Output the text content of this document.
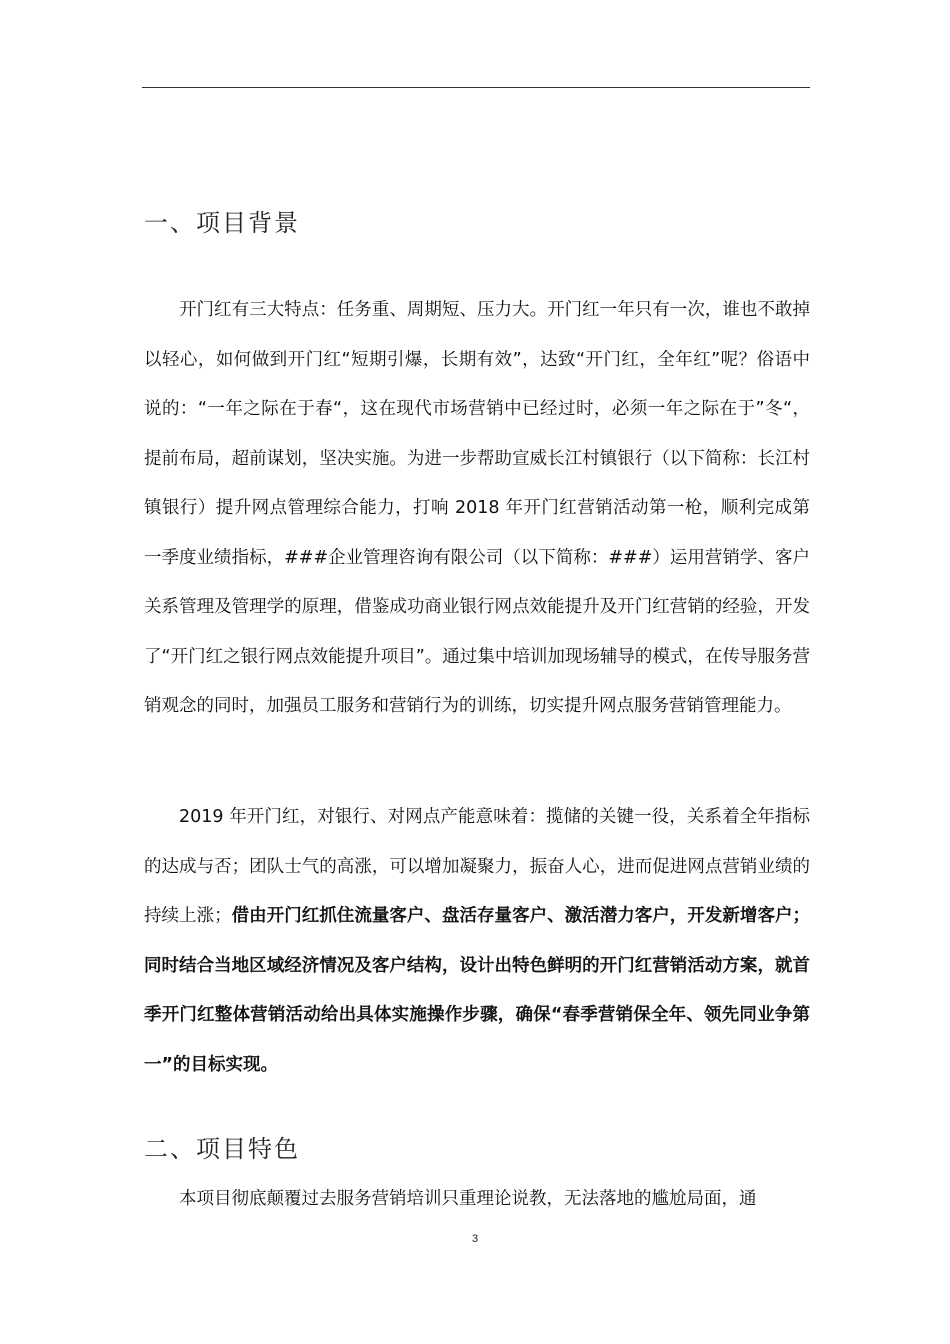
一、项目背景

开门红有三大特点：任务重、周期短、压力大。开门红一年只有一次，谁也不敢掉以轻心，如何做到开门红“短期引爆，长期有效”，达致“开门红，全年红”呢？俗语中说的：“一年之际在于春“，这在现代市场营销中已经过时，必须一年之际在于”冬“，提前布局，超前谋划，坚决实施。为进一步帮助宣威长江村镇银行（以下简称：长江村镇银行）提升网点管理综合能力，打响 2018 年开门红营销活动第一枪，顺利完成第一季度业绩指标，###企业管理咨询有限公司（以下简称：###）运用营销学、客户关系管理及管理学的原理，借鉴成功商业银行网点效能提升及开门红营销的经验，开发了“开门红之银行网点效能提升项目”。通过集中培训加现场辅导的模式，在传导服务营销观念的同时，加强员工服务和营销行为的训练，切实提升网点服务营销管理能力。

2019 年开门红，对银行、对网点产能意味着：揽储的关键一役，关系着全年指标的达成与否；团队士气的高涨，可以增加凝聚力，振奋人心，进而促进网点营销业绩的持续上涨；借由开门红抓住流量客户、盘活存量客户、激活潜力客户，开发新增客户；同时结合当地区域经济情况及客户结构，设计出特色鲜明的开门红营销活动方案，就首季开门红整体营销活动给出具体实施操作步骤，确保“春季营销保全年、领先同业争第一”的目标实现。

二、项目特色

本项目彻底颠覆过去服务营销培训只重理论说教，无法落地的尴尬局面，通

3
